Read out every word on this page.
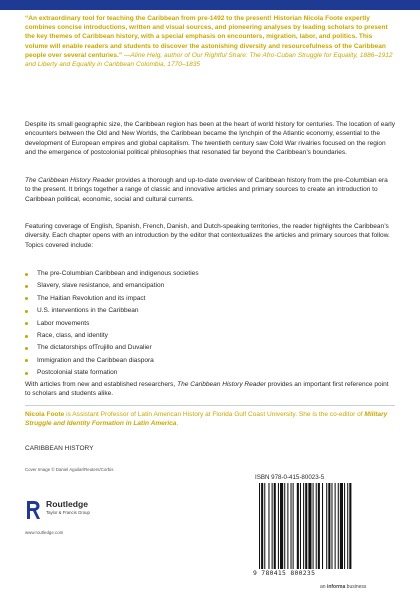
“An extraordinary tool for teaching the Caribbean from pre-1492 to the present! Historian Nicola Foote expertly combines concise introductions, written and visual sources, and pioneering analyses by leading scholars to present the key themes of Caribbean history, with a special emphasis on encounters, migration, labor, and politics. This volume will enable readers and students to discover the astonishing diversity and resourcefulness of the Caribbean people over several centuries.” —Aline Helg, author of Our Rightful Share: The Afro-Cuban Struggle for Equality, 1886–1912 and Liberty and Equality in Caribbean Colombia, 1770–1835
Despite its small geographic size, the Caribbean region has been at the heart of world history for centuries. The location of early encounters between the Old and New Worlds, the Caribbean became the lynchpin of the Atlantic economy, essential to the development of European empires and global capitalism. The twentieth century saw Cold War rivalries focused on the region and the emergence of postcolonial political philosophies that resonated far beyond the Caribbean’s boundaries.
The Caribbean History Reader provides a thorough and up-to-date overview of Caribbean history from the pre-Columbian era to the present. It brings together a range of classic and innovative articles and primary sources to create an introduction to Caribbean political, economic, social and cultural currents.
Featuring coverage of English, Spanish, French, Danish, and Dutch-speaking territories, the reader highlights the Caribbean’s diversity. Each chapter opens with an introduction by the editor that contextualizes the articles and primary sources that follow. Topics covered include:
The pre-Columbian Caribbean and indigenous societies
Slavery, slave resistance, and emancipation
The Haitian Revolution and its impact
U.S. interventions in the Caribbean
Labor movements
Race, class, and identity
The dictatorships ofTrujillo and Duvalier
Immigration and the Caribbean diaspora
Postcolonial state formation
With articles from new and established researchers, The Caribbean History Reader provides an important first reference point to scholars and students alike.
Nicola Foote is Assistant Professor of Latin American History at Florida Gulf Coast University. She is the co-editor of Military Struggle and Identity Formation in Latin America.
CARIBBEAN HISTORY
Cover Image © Daniel Aguilar/Reuters/Corbis
Routledge
Taylor & Francis Group
www.routledge.com
ISBN 978-0-415-80023-5
9 780415 800235
an informa business
